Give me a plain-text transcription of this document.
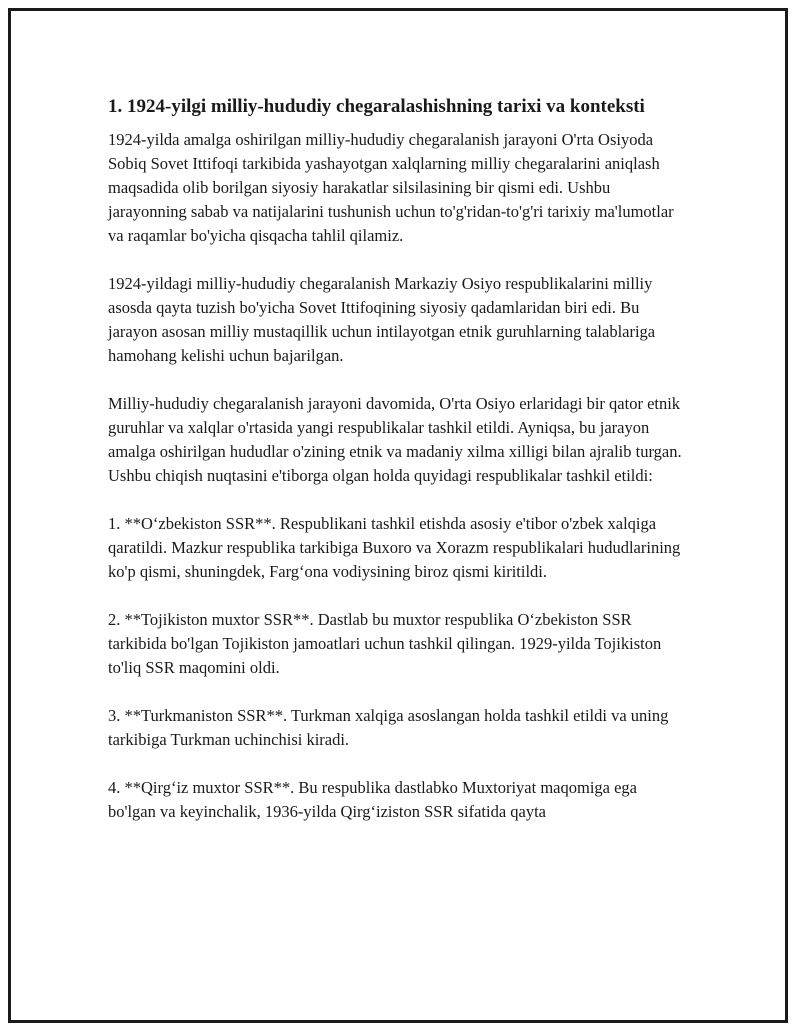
1. 1924-yilgi milliy-hududiy chegaralashishning tarixi va konteksti

1924-yilda amalga oshirilgan milliy-hududiy chegaralanish jarayoni O'rta Osiyoda Sobiq Sovet Ittifoqi tarkibida yashayotgan xalqlarning milliy chegaralarini aniqlash maqsadida olib borilgan siyosiy harakatlar silsilasining bir qismi edi. Ushbu jarayonning sabab va natijalarini tushunish uchun to'g'ridan-to'g'ri tarixiy ma'lumotlar va raqamlar bo'yicha qisqacha tahlil qilamiz.

1924-yildagi milliy-hududiy chegaralanish Markaziy Osiyo respublikalarini milliy asosda qayta tuzish bo'yicha Sovet Ittifoqining siyosiy qadamlaridan biri edi. Bu jarayon asosan milliy mustaqillik uchun intilayotgan etnik guruhlarning talablariga hamohang kelishi uchun bajarilgan.

Milliy-hududiy chegaralanish jarayoni davomida, O'rta Osiyo erlaridagi bir qator etnik guruhlar va xalqlar o'rtasida yangi respublikalar tashkil etildi. Ayniqsa, bu jarayon amalga oshirilgan hududlar o'zining etnik va madaniy xilma xilligi bilan ajralib turgan. Ushbu chiqish nuqtasini e'tiborga olgan holda quyidagi respublikalar tashkil etildi:

1. **O‘zbekiston SSR**. Respublikani tashkil etishda asosiy e'tibor o'zbek xalqiga qaratildi. Mazkur respublika tarkibiga Buxoro va Xorazm respublikalari hududlarining ko'p qismi, shuningdek, Farg‘ona vodiysining biroz qismi kiritildi.

2. **Tojikiston muxtor SSR**. Dastlab bu muxtor respublika O‘zbekiston SSR tarkibida bo'lgan Tojikiston jamoatlari uchun tashkil qilingan. 1929-yilda Tojikiston to'liq SSR maqomini oldi.

3. **Turkmaniston SSR**. Turkman xalqiga asoslangan holda tashkil etildi va uning tarkibiga Turkman uchinchisi kiradi.

4. **Qirg‘iz muxtor SSR**. Bu respublika dastlabko Muxtoriyat maqomiga ega bo'lgan va keyinchalik, 1936-yilda Qirg‘iziston SSR sifatida qayta
